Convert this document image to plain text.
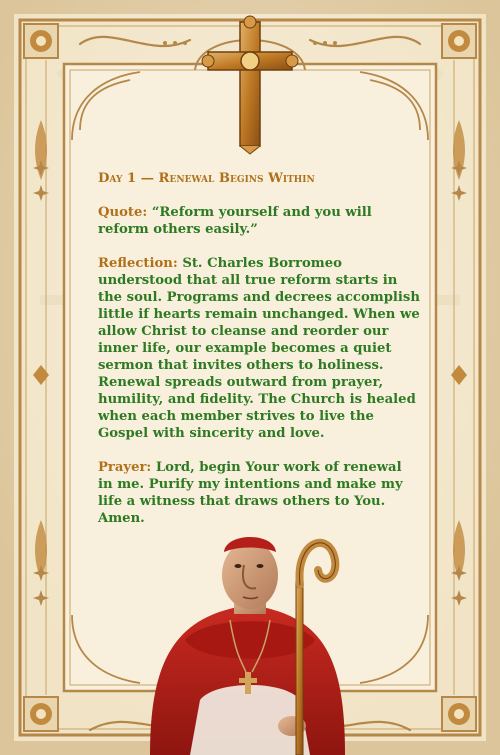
Day 1 — Renewal Begins Within

Quote: “Reform yourself and you will reform others easily.”

Reflection: St. Charles Borromeo understood that all true reform starts in the soul. Programs and decrees accomplish little if hearts remain unchanged. When we allow Christ to cleanse and reorder our inner life, our example becomes a quiet sermon that invites others to holiness. Renewal spreads outward from prayer, humility, and fidelity. The Church is healed when each member strives to live the Gospel with sincerity and love.

Prayer: Lord, begin Your work of renewal in me. Purify my intentions and make my life a witness that draws others to You. Amen.
